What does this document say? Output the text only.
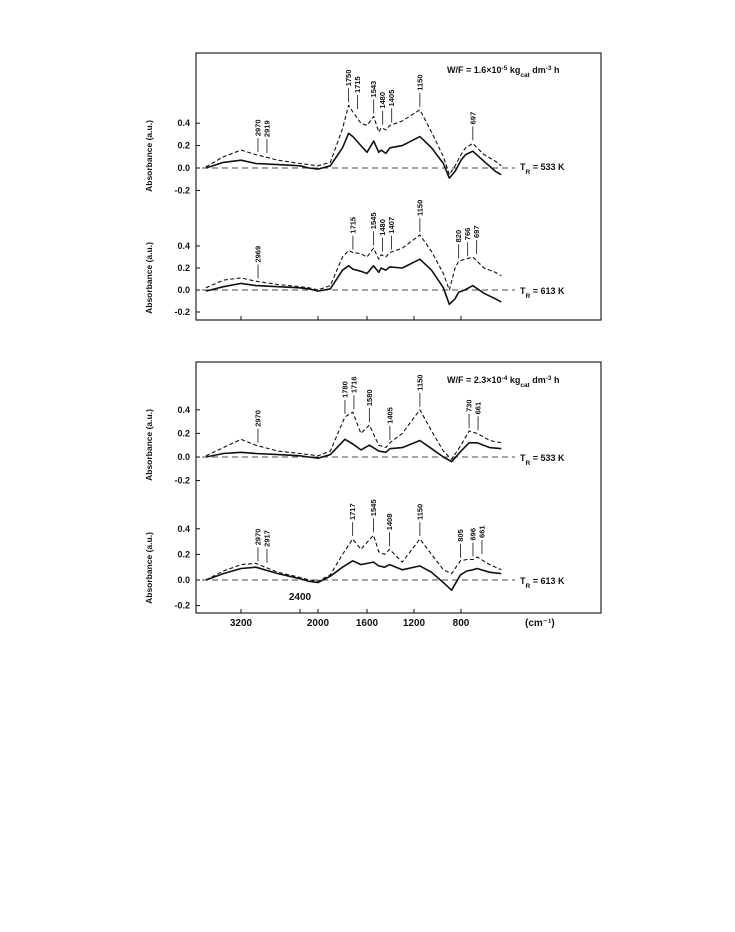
$W/F = 1.6\times 10^{-5}$ $kg_{cat}$ $dm^{-3}$ h
$W/F = 2.3\times 10^{-4}$ $kg_{cat}$ $dm^{-3}$ h
$T_R = 533$ K
$T_R = 613$ K
$T_R = 533$ K
$T_R = 613$ K
(cm⁻¹)
0.4
0.2
0.0
-0.2
Absorbance (a.u.)	2970 2919
1750 1715 1543
1480 1405
1150
697
0.4
0.2
0.0
-0.2
Absorbance (a.u.)	2969
1715 1545 1480 1407
1150
820 766 697
3200
2400
2000	1600 1200	800
0.4
0.2
0.0
-0.2
Absorbance (a.u.)	2970
1780 1716
1580
1405
1150
730 661
0.4
0.2
0.0
-0.2
Absorbance (a.u.)	2970 2917
1717 1545
1408
1150
805 696 661
